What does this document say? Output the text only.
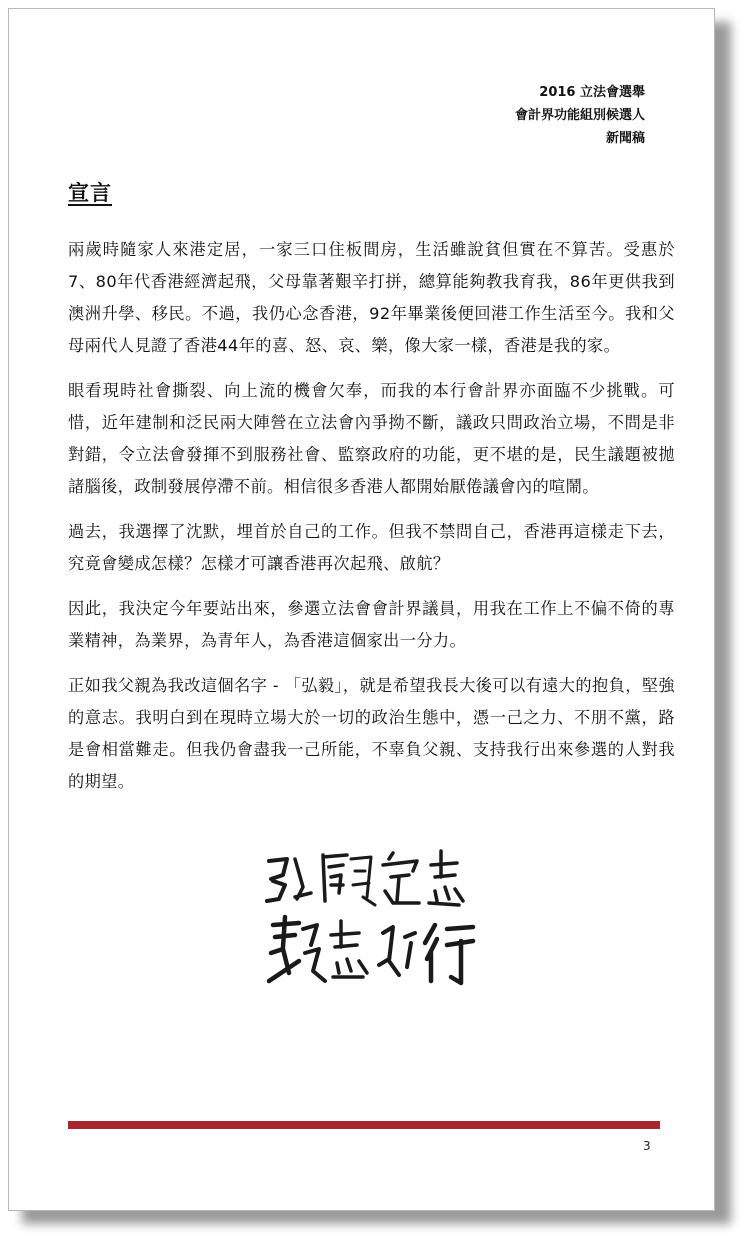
2016 立法會選舉
會計界功能組別候選人
新聞稿
宣言

兩歲時隨家人來港定居，一家三口住板間房，生活雖說貧但實在不算苦。受惠於7、80年代香港經濟起飛，父母靠著艱辛打拼，總算能夠教我育我，86年更供我到澳洲升學、移民。不過，我仍心念香港，92年畢業後便回港工作生活至今。我和父母兩代人見證了香港44年的喜、怒、哀、樂，像大家一樣，香港是我的家。

眼看現時社會撕裂、向上流的機會欠奉，而我的本行會計界亦面臨不少挑戰。可惜，近年建制和泛民兩大陣營在立法會內爭拗不斷，議政只問政治立場，不問是非對錯，令立法會發揮不到服務社會、監察政府的功能，更不堪的是，民生議題被拋諸腦後，政制發展停滯不前。相信很多香港人都開始厭倦議會內的喧鬧。

過去，我選擇了沈默，埋首於自己的工作。但我不禁問自己，香港再這樣走下去，究竟會變成怎樣？怎樣才可讓香港再次起飛、啟航？

因此，我決定今年要站出來，參選立法會會計界議員，用我在工作上不偏不倚的專業精神，為業界，為青年人，為香港這個家出一分力。

正如我父親為我改這個名字 - 「弘毅」，就是希望我長大後可以有遠大的抱負，堅強的意志。我明白到在現時立場大於一切的政治生態中，憑一己之力、不朋不黨，路是會相當難走。但我仍會盡我一己所能，不辜負父親、支持我行出來參選的人對我的期望。

3
